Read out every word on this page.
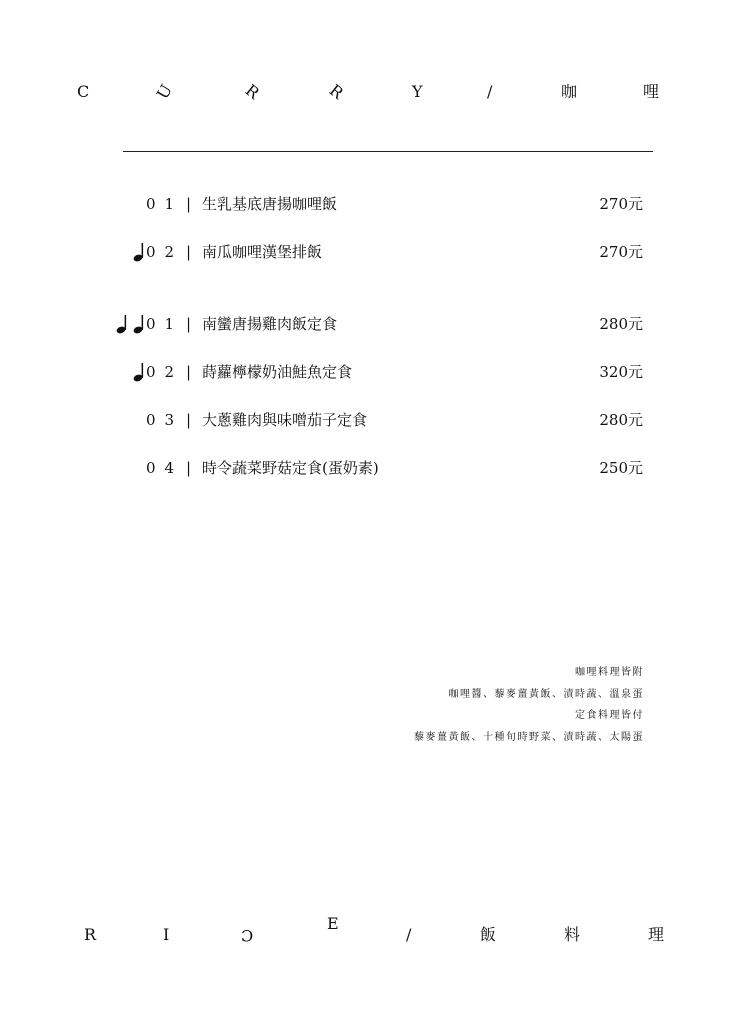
C	U	R	R	Y	/	咖	哩
01 | 生乳基底唐揚咖哩飯	270元
02 | 南瓜咖哩漢堡排飯	270元
01 | 南蠻唐揚雞肉飯定食	280元
02 | 蒔蘿檸檬奶油鮭魚定食	320元
03 | 大蔥雞肉與味噌茄子定食	280元
04 | 時令蔬菜野菇定食(蛋奶素)	250元
咖哩料理皆附
咖哩醬、藜麥薑黃飯、漬時蔬、溫泉蛋
定食料理皆付
藜麥薑黃飯、十種旬時野菜、漬時蔬、太陽蛋
R	I	C
E
/	飯	料	理
